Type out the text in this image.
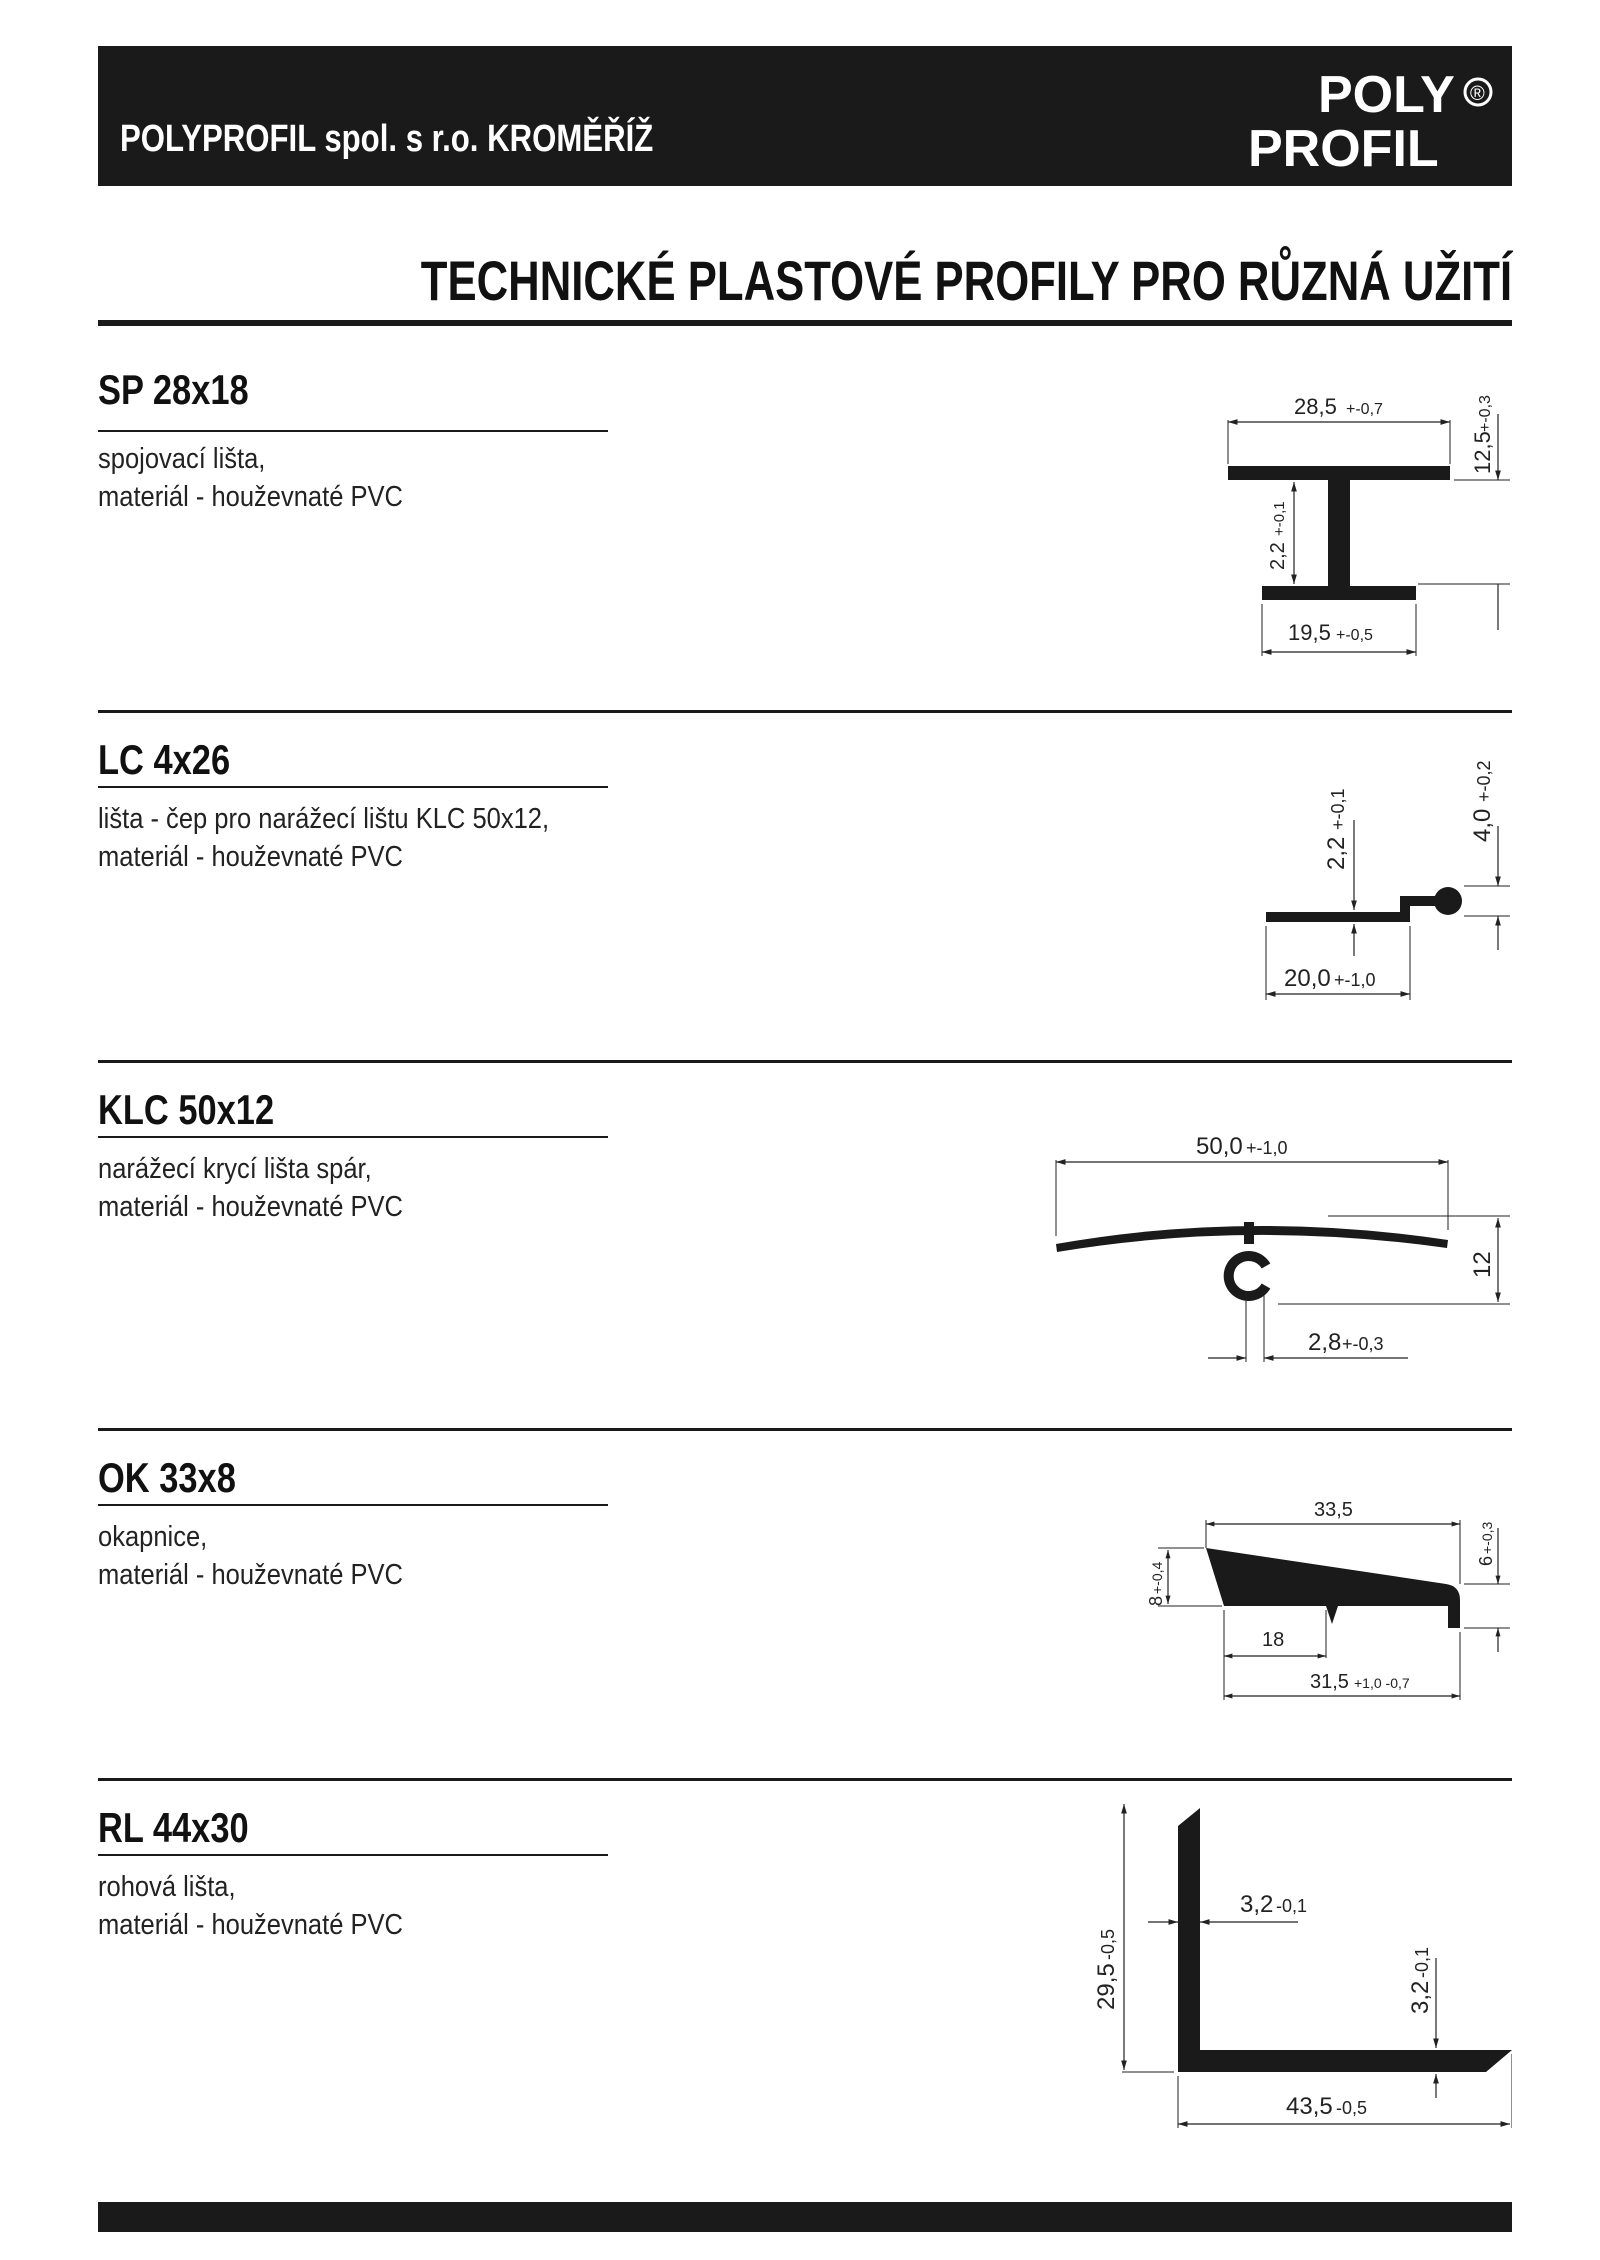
POLYPROFIL spol. s r.o. KROMĚŘÍŽ
POLY
PROFIL
®
TECHNICKÉ PLASTOVÉ PROFILY PRO RŮZNÁ UŽITÍ
SP 28x18
spojovací lišta,
materiál - houževnaté PVC
28,5 +-0,7
12,5
+-0,3
2,2
+-0,1
19,5 +-0,5
LC 4x26
lišta - čep pro narážecí lištu KLC 50x12,
materiál - houževnaté PVC	2,2
+-0,1	4,0
+-0,2
20,0 +-1,0
KLC 50x12
narážecí krycí lišta spár,
materiál - houževnaté PVC
50,0 +-1,0
12
2,8 +-0,3
OK 33x8
okapnice,
materiál - houževnaté PVC
33,5
6
+-0,3
8
+-0,4
18
31,5 +1,0 -0,7
RL 44x30
rohová lišta,
materiál - houževnaté PVC
29,5
-0,5
3,2 -0,1
3,2
-0,1
43,5 -0,5
